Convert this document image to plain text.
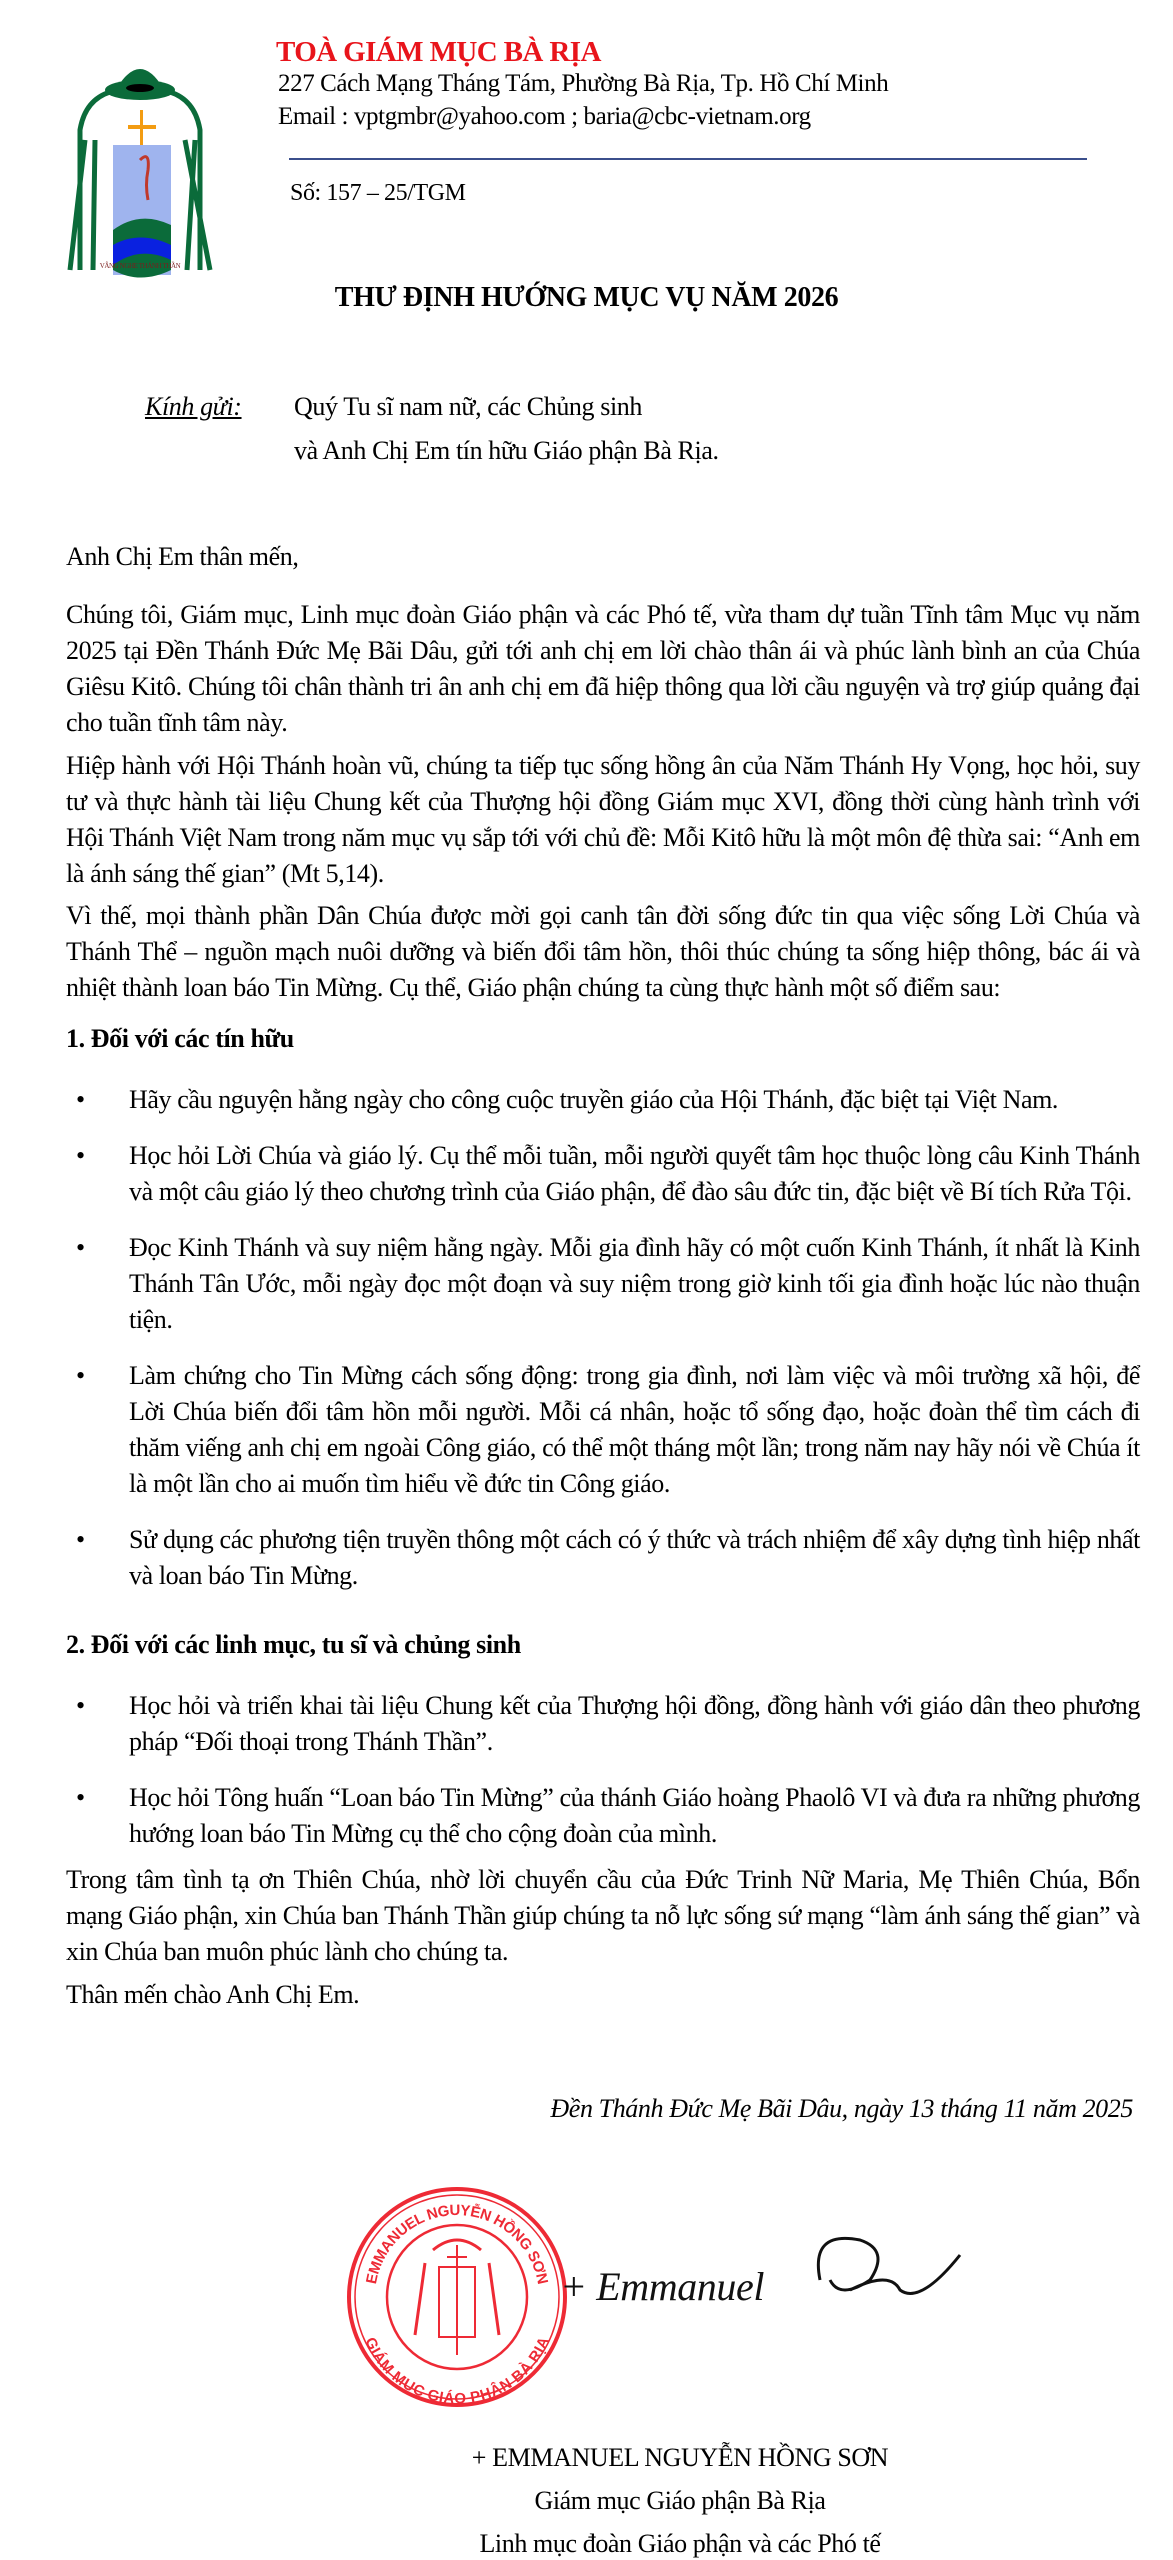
VÂNG NGHE THÁNH THẦN
TOÀ GIÁM MỤC BÀ RỊA
227 Cách Mạng Tháng Tám, Phường Bà Rịa, Tp. Hồ Chí Minh
Email : vptgmbr@yahoo.com ; baria@cbc-vietnam.org
Số: 157 – 25/TGM
THƯ ĐỊNH HƯỚNG MỤC VỤ NĂM 2026
Kính gửi: Quý Tu sĩ nam nữ, các Chủng sinh
và Anh Chị Em tín hữu Giáo phận Bà Rịa.
Anh Chị Em thân mến,
Chúng tôi, Giám mục, Linh mục đoàn Giáo phận và các Phó tế, vừa tham dự tuần Tĩnh tâm Mục vụ năm 2025 tại Đền Thánh Đức Mẹ Bãi Dâu, gửi tới anh chị em lời chào thân ái và phúc lành bình an của Chúa Giêsu Kitô. Chúng tôi chân thành tri ân anh chị em đã hiệp thông qua lời cầu nguyện và trợ giúp quảng đại cho tuần tĩnh tâm này.
Hiệp hành với Hội Thánh hoàn vũ, chúng ta tiếp tục sống hồng ân của Năm Thánh Hy Vọng, học hỏi, suy tư và thực hành tài liệu Chung kết của Thượng hội đồng Giám mục XVI, đồng thời cùng hành trình với Hội Thánh Việt Nam trong năm mục vụ sắp tới với chủ đề: Mỗi Kitô hữu là một môn đệ thừa sai: “Anh em là ánh sáng thế gian” (Mt 5,14).
Vì thế, mọi thành phần Dân Chúa được mời gọi canh tân đời sống đức tin qua việc sống Lời Chúa và Thánh Thể – nguồn mạch nuôi dưỡng và biến đổi tâm hồn, thôi thúc chúng ta sống hiệp thông, bác ái và nhiệt thành loan báo Tin Mừng. Cụ thể, Giáo phận chúng ta cùng thực hành một số điểm sau:
1. Đối với các tín hữu
• Hãy cầu nguyện hằng ngày cho công cuộc truyền giáo của Hội Thánh, đặc biệt tại Việt Nam.
• Học hỏi Lời Chúa và giáo lý. Cụ thể mỗi tuần, mỗi người quyết tâm học thuộc lòng câu Kinh Thánh và một câu giáo lý theo chương trình của Giáo phận, để đào sâu đức tin, đặc biệt về Bí tích Rửa Tội.
• Đọc Kinh Thánh và suy niệm hằng ngày. Mỗi gia đình hãy có một cuốn Kinh Thánh, ít nhất là Kinh Thánh Tân Ước, mỗi ngày đọc một đoạn và suy niệm trong giờ kinh tối gia đình hoặc lúc nào thuận tiện.
• Làm chứng cho Tin Mừng cách sống động: trong gia đình, nơi làm việc và môi trường xã hội, để Lời Chúa biến đổi tâm hồn mỗi người. Mỗi cá nhân, hoặc tổ sống đạo, hoặc đoàn thể tìm cách đi thăm viếng anh chị em ngoài Công giáo, có thể một tháng một lần; trong năm nay hãy nói về Chúa ít là một lần cho ai muốn tìm hiểu về đức tin Công giáo.
• Sử dụng các phương tiện truyền thông một cách có ý thức và trách nhiệm để xây dựng tình hiệp nhất và loan báo Tin Mừng.
2. Đối với các linh mục, tu sĩ và chủng sinh
• Học hỏi và triển khai tài liệu Chung kết của Thượng hội đồng, đồng hành với giáo dân theo phương pháp “Đối thoại trong Thánh Thần”.
• Học hỏi Tông huấn “Loan báo Tin Mừng” của thánh Giáo hoàng Phaolô VI và đưa ra những phương hướng loan báo Tin Mừng cụ thể cho cộng đoàn của mình.
Trong tâm tình tạ ơn Thiên Chúa, nhờ lời chuyển cầu của Đức Trinh Nữ Maria, Mẹ Thiên Chúa, Bổn mạng Giáo phận, xin Chúa ban Thánh Thần giúp chúng ta nỗ lực sống sứ mạng “làm ánh sáng thế gian” và xin Chúa ban muôn phúc lành cho chúng ta.
Thân mến chào Anh Chị Em.
Đền Thánh Đức Mẹ Bãi Dâu, ngày 13 tháng 11 năm 2025
EMMANUEL NGUYỄN HỒNG SƠN
GIÁM MỤC GIÁO PHẬN BÀ RỊA
+ Emmanuel
+ EMMANUEL NGUYỄN HỒNG SƠN
Giám mục Giáo phận Bà Rịa
Linh mục đoàn Giáo phận và các Phó tế
